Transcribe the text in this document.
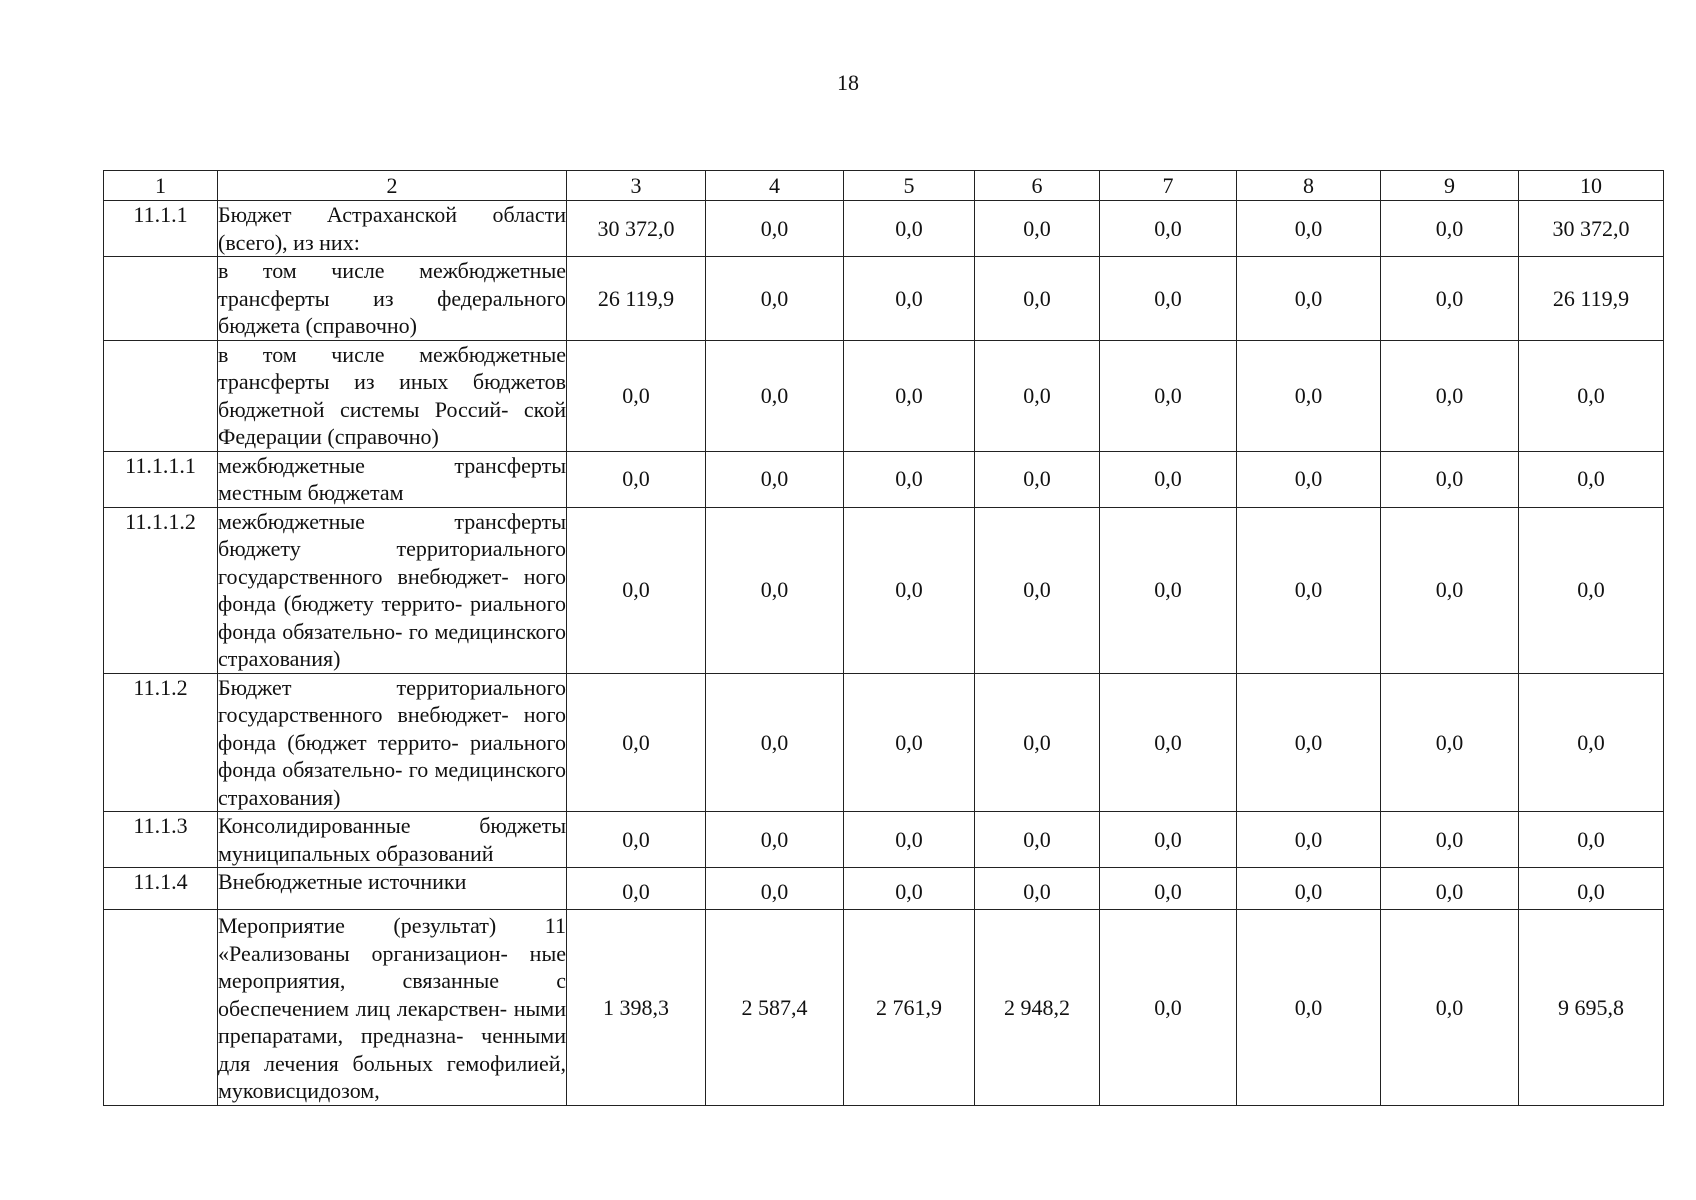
18
1	2	3	4	5	6	7	8	9	10
11.1.1	Бюджет Астраханской области (всего), из них:	30 372,0	0,0	0,0	0,0	0,0	0,0	0,0	30 372,0
	в том числе межбюджетные трансферты из федерального бюджета (справочно)	26 119,9	0,0	0,0	0,0	0,0	0,0	0,0	26 119,9
	в том числе межбюджетные трансферты из иных бюджетов бюджетной системы Россий- ской Федерации (справочно)	0,0	0,0	0,0	0,0	0,0	0,0	0,0	0,0
11.1.1.1	межбюджетные трансферты местным бюджетам	0,0	0,0	0,0	0,0	0,0	0,0	0,0	0,0
11.1.1.2	межбюджетные трансферты бюджету территориального государственного внебюджет- ного фонда (бюджету террито- риального фонда обязательно- го медицинского страхования)	0,0	0,0	0,0	0,0	0,0	0,0	0,0	0,0
11.1.2	Бюджет территориального государственного внебюджет- ного фонда (бюджет террито- риального фонда обязательно- го медицинского страхования)	0,0	0,0	0,0	0,0	0,0	0,0	0,0	0,0
11.1.3	Консолидированные бюджеты муниципальных образований	0,0	0,0	0,0	0,0	0,0	0,0	0,0	0,0
11.1.4	Внебюджетные источники	0,0	0,0	0,0	0,0	0,0	0,0	0,0	0,0
	Мероприятие (результат) 11 «Реализованы организацион- ные мероприятия, связанные с обеспечением лиц лекарствен- ными препаратами, предназна- ченными для лечения больных гемофилией, муковисцидозом,	1 398,3	2 587,4	2 761,9	2 948,2	0,0	0,0	0,0	9 695,8
